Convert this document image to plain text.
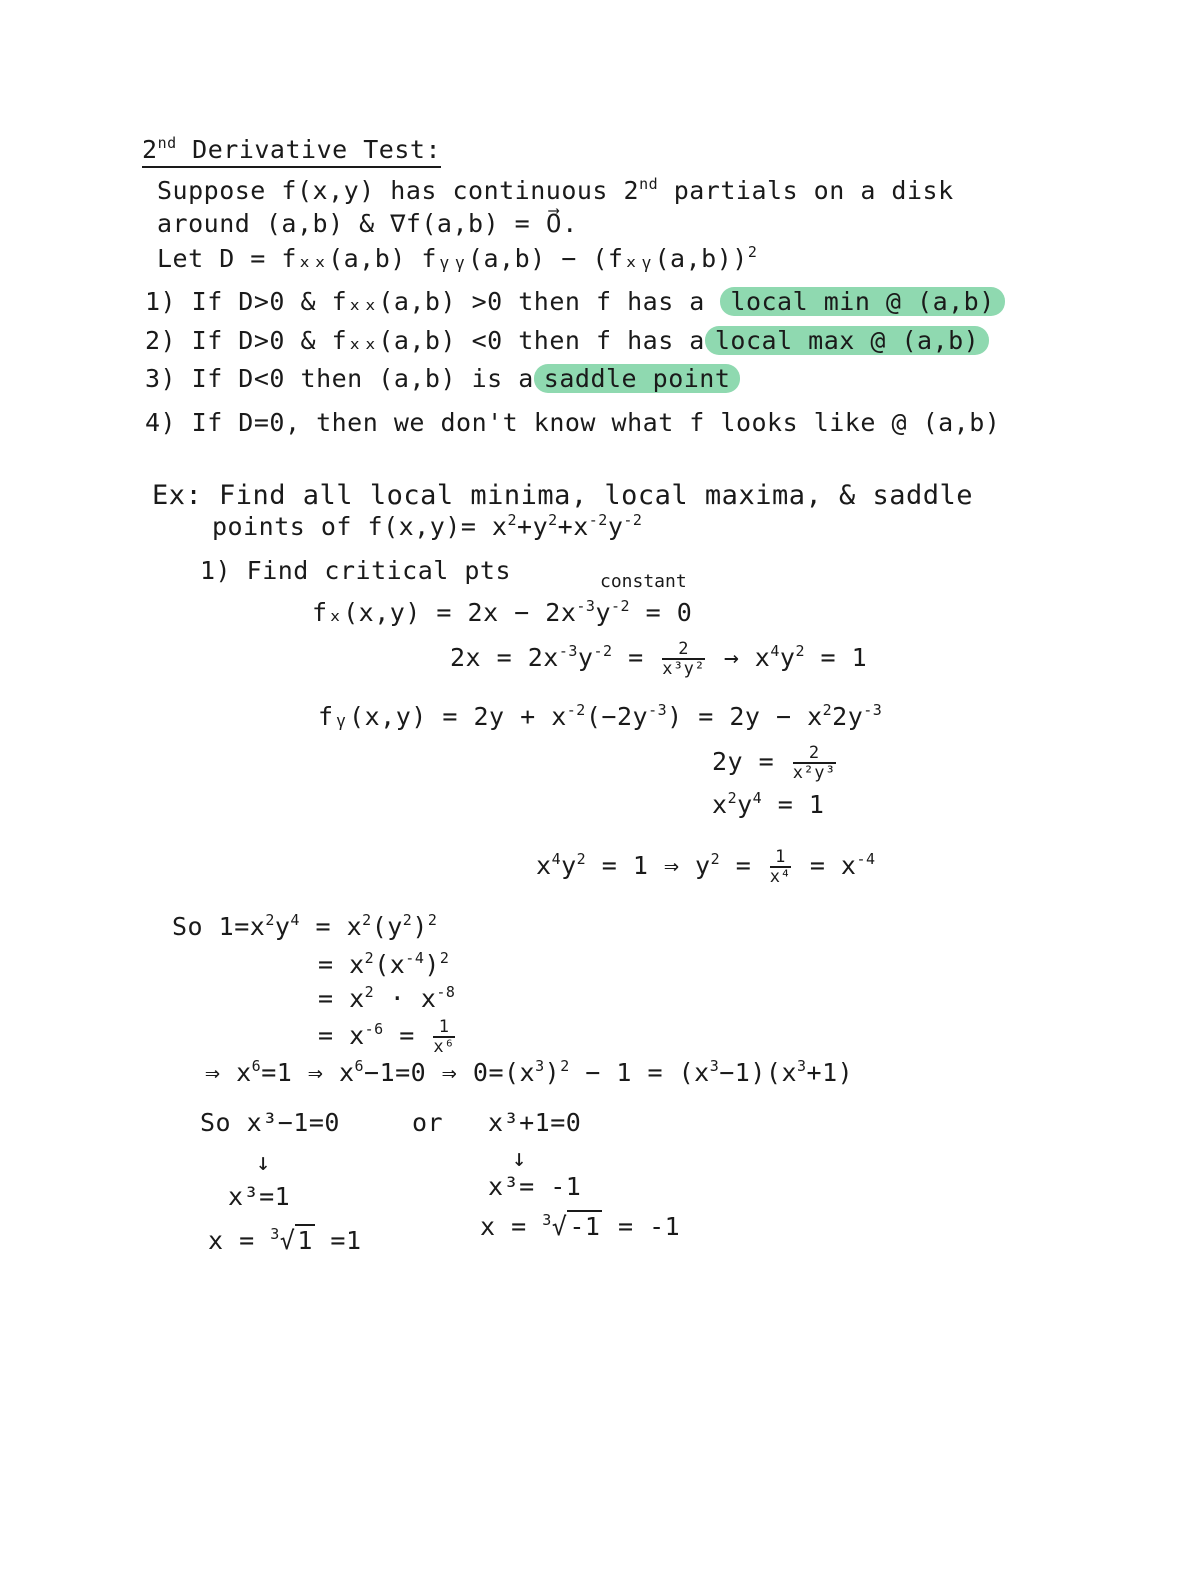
2nd Derivative Test:
Suppose f(x,y) has continuous 2nd partials on a disk
around (a,b) & ∇f(a,b) = 0⃗.
Let D = fₓₓ(a,b) fᵧᵧ(a,b) − (fₓᵧ(a,b))$^2$
1) If D>0 & fₓₓ(a,b) >0 then f has a local min @ (a,b)
2) If D>0 & fₓₓ(a,b) <0 then f has a local max @ (a,b)
3) If D<0 then (a,b) is a saddle point
4) If D=0, then we don't know what f looks like @ (a,b)
Ex: Find all local minima, local maxima, & saddle
points of $f(x,y)= x^2+y^2+x^{-2}y^{-2}$
1) Find critical pts	constant
$f_x(x,y) = 2x - 2x^{-3}y^{-2} = 0$
$2x = 2x^{-3}y^{-2} = \frac{2}{\text{x³y²}} \to x^4y^2 = 1$
fᵧ(x,y) = $2y + x^{-2}(-2y^{-3}) = 2y - x^22y^{-3}$
$2y = \frac{2}{\text{x²y³}}$
$x^2y^4 = 1$
$x^4y^2 = 1$ ⇒ $y^2 = \frac{1}{\text{x⁴}} = x^{-4}$
So $1=x^2y^4 = x^2(y^2)^2$
= $x^2(x^{-4})^2$
= $x^2 \cdot x^{-8}$
= $x^{-6} = \frac{1}{\text{x⁶}}$
⇒ $x^6=1$ ⇒ $x^6-1=0$ ⇒ $0=(x^3)^2 - 1 = (x^3-1)(x^3+1)$
So x³−1=0	or x³+1=0
↓	↓
x³=1	x³= -1
x = $^3$√1 =1	x = $^3$√-1 = -1
